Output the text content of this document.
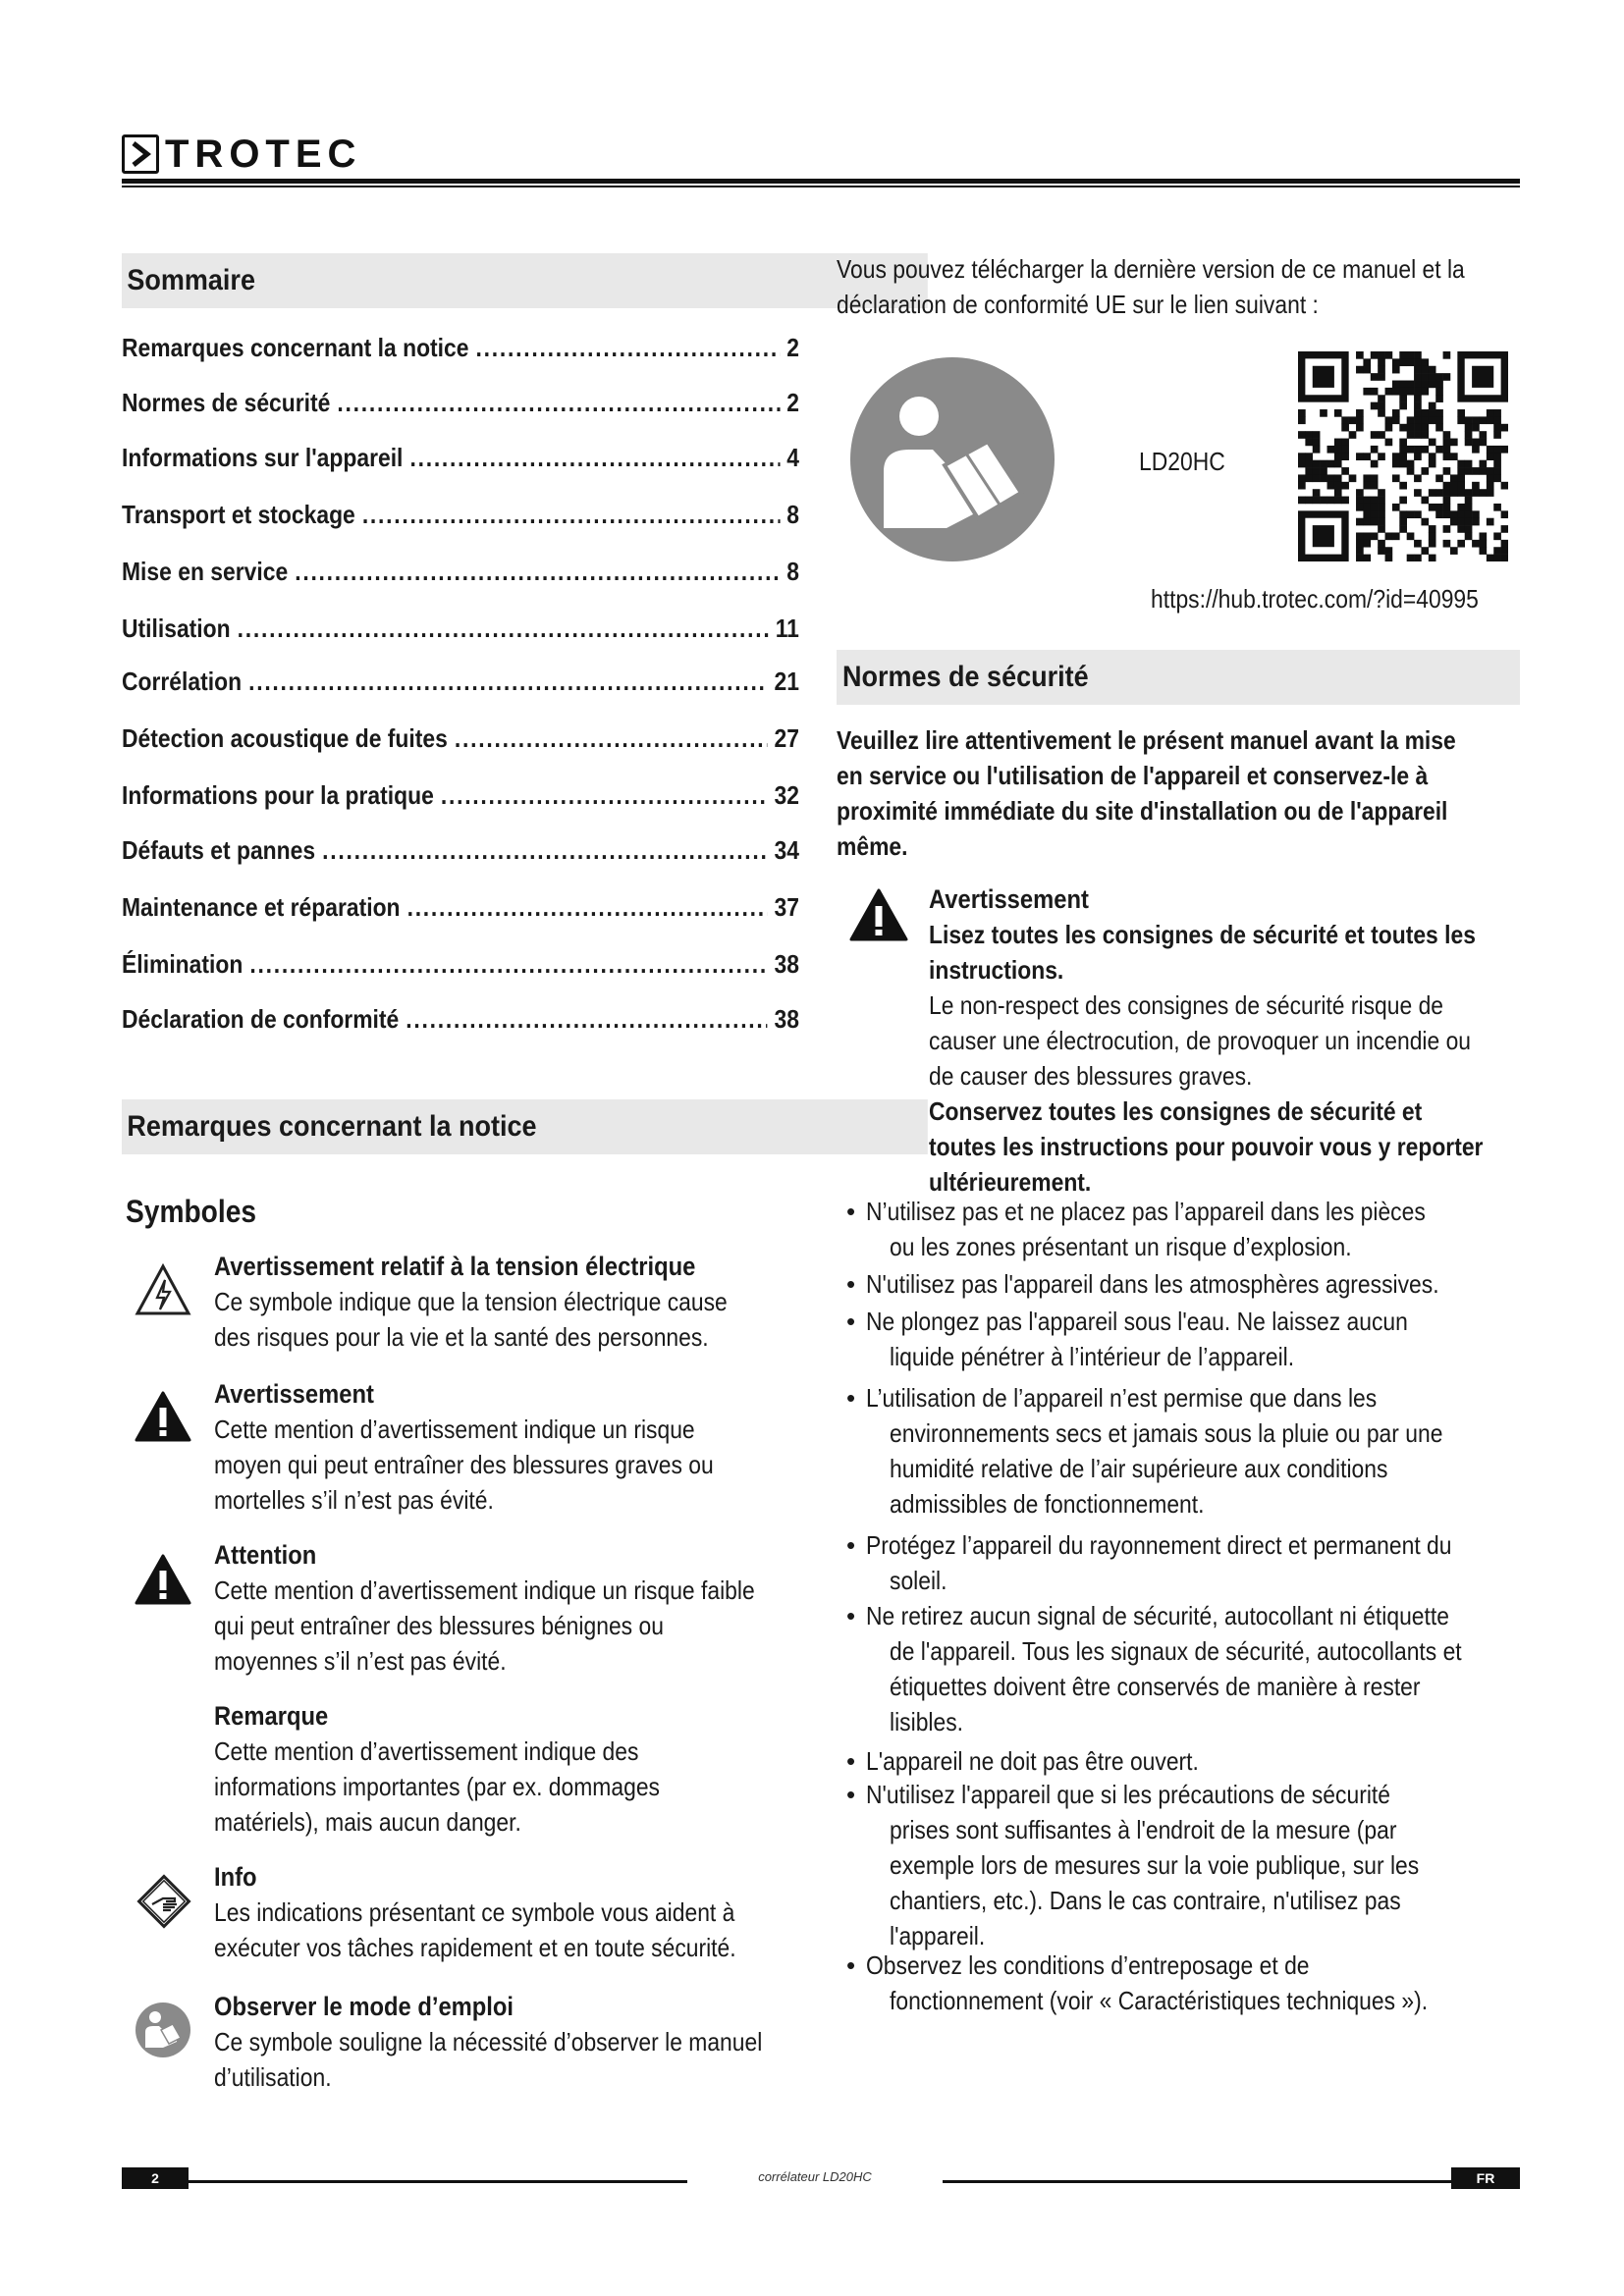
TROTEC
Sommaire
Remarques concernant la notice .....	2
Normes de sécurité .....	2
Informations sur l'appareil .....	4
Transport et stockage .....	8
Mise en service .....	8
Utilisation .....	11
Corrélation .....	21
Détection acoustique de fuites .....	27
Informations pour la pratique .....	32
Défauts et pannes .....	34
Maintenance et réparation .....	37
Élimination .....	38
Déclaration de conformité .....	38
Remarques concernant la notice
Symboles
Avertissement relatif à la tension électrique
Ce symbole indique que la tension électrique cause
des risques pour la vie et la santé des personnes.
Avertissement
Cette mention d’avertissement indique un risque
moyen qui peut entraîner des blessures graves ou
mortelles s’il n’est pas évité.
Attention
Cette mention d’avertissement indique un risque faible
qui peut entraîner des blessures bénignes ou
moyennes s’il n’est pas évité.
Remarque
Cette mention d’avertissement indique des
informations importantes (par ex. dommages
matériels), mais aucun danger.
Info
Les indications présentant ce symbole vous aident à
exécuter vos tâches rapidement et en toute sécurité.
Observer le mode d’emploi
Ce symbole souligne la nécessité d’observer le manuel
d’utilisation.
Vous pouvez télécharger la dernière version de ce manuel et la
déclaration de conformité UE sur le lien suivant :
LD20HC
https://hub.trotec.com/?id=40995
Normes de sécurité
Veuillez lire attentivement le présent manuel avant la mise
en service ou l'utilisation de l'appareil et conservez-le à
proximité immédiate du site d'installation ou de l'appareil
même.
Avertissement
Lisez toutes les consignes de sécurité et toutes les
instructions.
Le non-respect des consignes de sécurité risque de
causer une électrocution, de provoquer un incendie ou
de causer des blessures graves.
Conservez toutes les consignes de sécurité et
toutes les instructions pour pouvoir vous y reporter
ultérieurement.
• N’utilisez pas et ne placez pas l’appareil dans les pièces
ou les zones présentant un risque d’explosion.
• N'utilisez pas l'appareil dans les atmosphères agressives.
• Ne plongez pas l'appareil sous l'eau. Ne laissez aucun
liquide pénétrer à l’intérieur de l’appareil.
• L’utilisation de l’appareil n’est permise que dans les
environnements secs et jamais sous la pluie ou par une
humidité relative de l’air supérieure aux conditions
admissibles de fonctionnement.
• Protégez l’appareil du rayonnement direct et permanent du
soleil.
• Ne retirez aucun signal de sécurité, autocollant ni étiquette
de l'appareil. Tous les signaux de sécurité, autocollants et
étiquettes doivent être conservés de manière à rester
lisibles.
• L'appareil ne doit pas être ouvert.
• N'utilisez l'appareil que si les précautions de sécurité
prises sont suffisantes à l'endroit de la mesure (par
exemple lors de mesures sur la voie publique, sur les
chantiers, etc.). Dans le cas contraire, n'utilisez pas
l'appareil.
• Observez les conditions d’entreposage et de
fonctionnement (voir « Caractéristiques techniques »).
2	corrélateur LD20HC	FR
